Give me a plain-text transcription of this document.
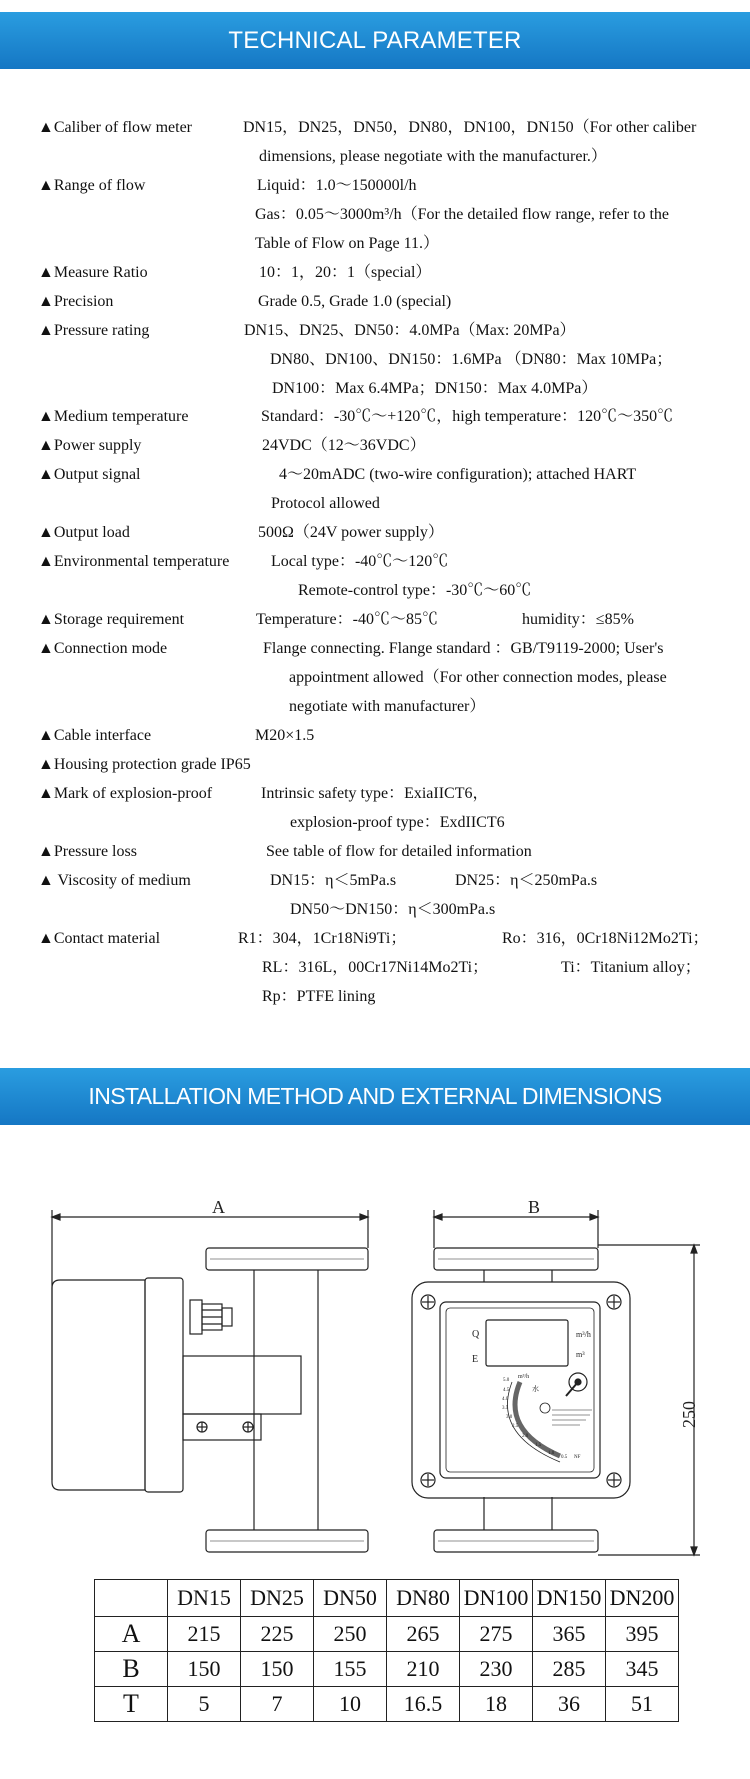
TECHNICAL PARAMETER
▲Caliber of flow meter	DN15，DN25，DN50，DN80，DN100，DN150（For other caliber
dimensions, please negotiate with the manufacturer.）
▲Range of flow	Liquid：1.0～150000l/h
Gas：0.05～3000m³/h（For the detailed flow range, refer to the
Table of Flow on Page 11.）
▲Measure Ratio	10：1，20：1（special）
▲Precision	Grade 0.5, Grade 1.0 (special)
▲Pressure rating	DN15、DN25、DN50：4.0MPa（Max: 20MPa）
DN80、DN100、DN150：1.6MPa （DN80：Max 10MPa；
DN100：Max 6.4MPa；DN150：Max 4.0MPa）
▲Medium temperature	Standard：-30℃～+120℃，high temperature：120℃～350℃
▲Power supply	24VDC（12～36VDC）
▲Output signal	4～20mADC (two-wire configuration); attached HART
Protocol allowed
▲Output load	500Ω（24V power supply）
▲Environmental temperature	Local type：-40℃～120℃
Remote-control type：-30℃～60℃
▲Storage requirement	Temperature：-40℃～85℃	humidity：≤85%
▲Connection mode	Flange connecting. Flange standard ：GB/T9119-2000; User's
appointment allowed（For other connection modes, please
negotiate with manufacturer）
▲Cable interface	M20×1.5
▲Housing protection grade IP65
▲Mark of explosion-proof	Intrinsic safety type：ExiaIICT6，
explosion-proof type：ExdIICT6
▲Pressure loss	See table of flow for detailed information
▲ Viscosity of medium	DN15：η＜5mPa.s	DN25：η＜250mPa.s
DN50～DN150：η＜300mPa.s
▲Contact material	R1：304，1Cr18Ni9Ti；	Ro：316，0Cr18Ni12Mo2Ti；
RL：316L，00Cr17Ni14Mo2Ti；	Ti：Titanium alloy；
Rp：PTFE lining
INSTALLATION METHOD AND EXTERNAL DIMENSIONS
A	B
250
Q
E
m³/h
m³
m³/h
水
5.0
4.5
4.0
3.5
3.0
2.5
2.0
1.5
1.0
0.5 NF
	DN15	DN25	DN50	DN80	DN100	DN150	DN200
A	215	225	250	265	275	365	395
B	150	150	155	210	230	285	345
T	5	7	10	16.5	18	36	51
